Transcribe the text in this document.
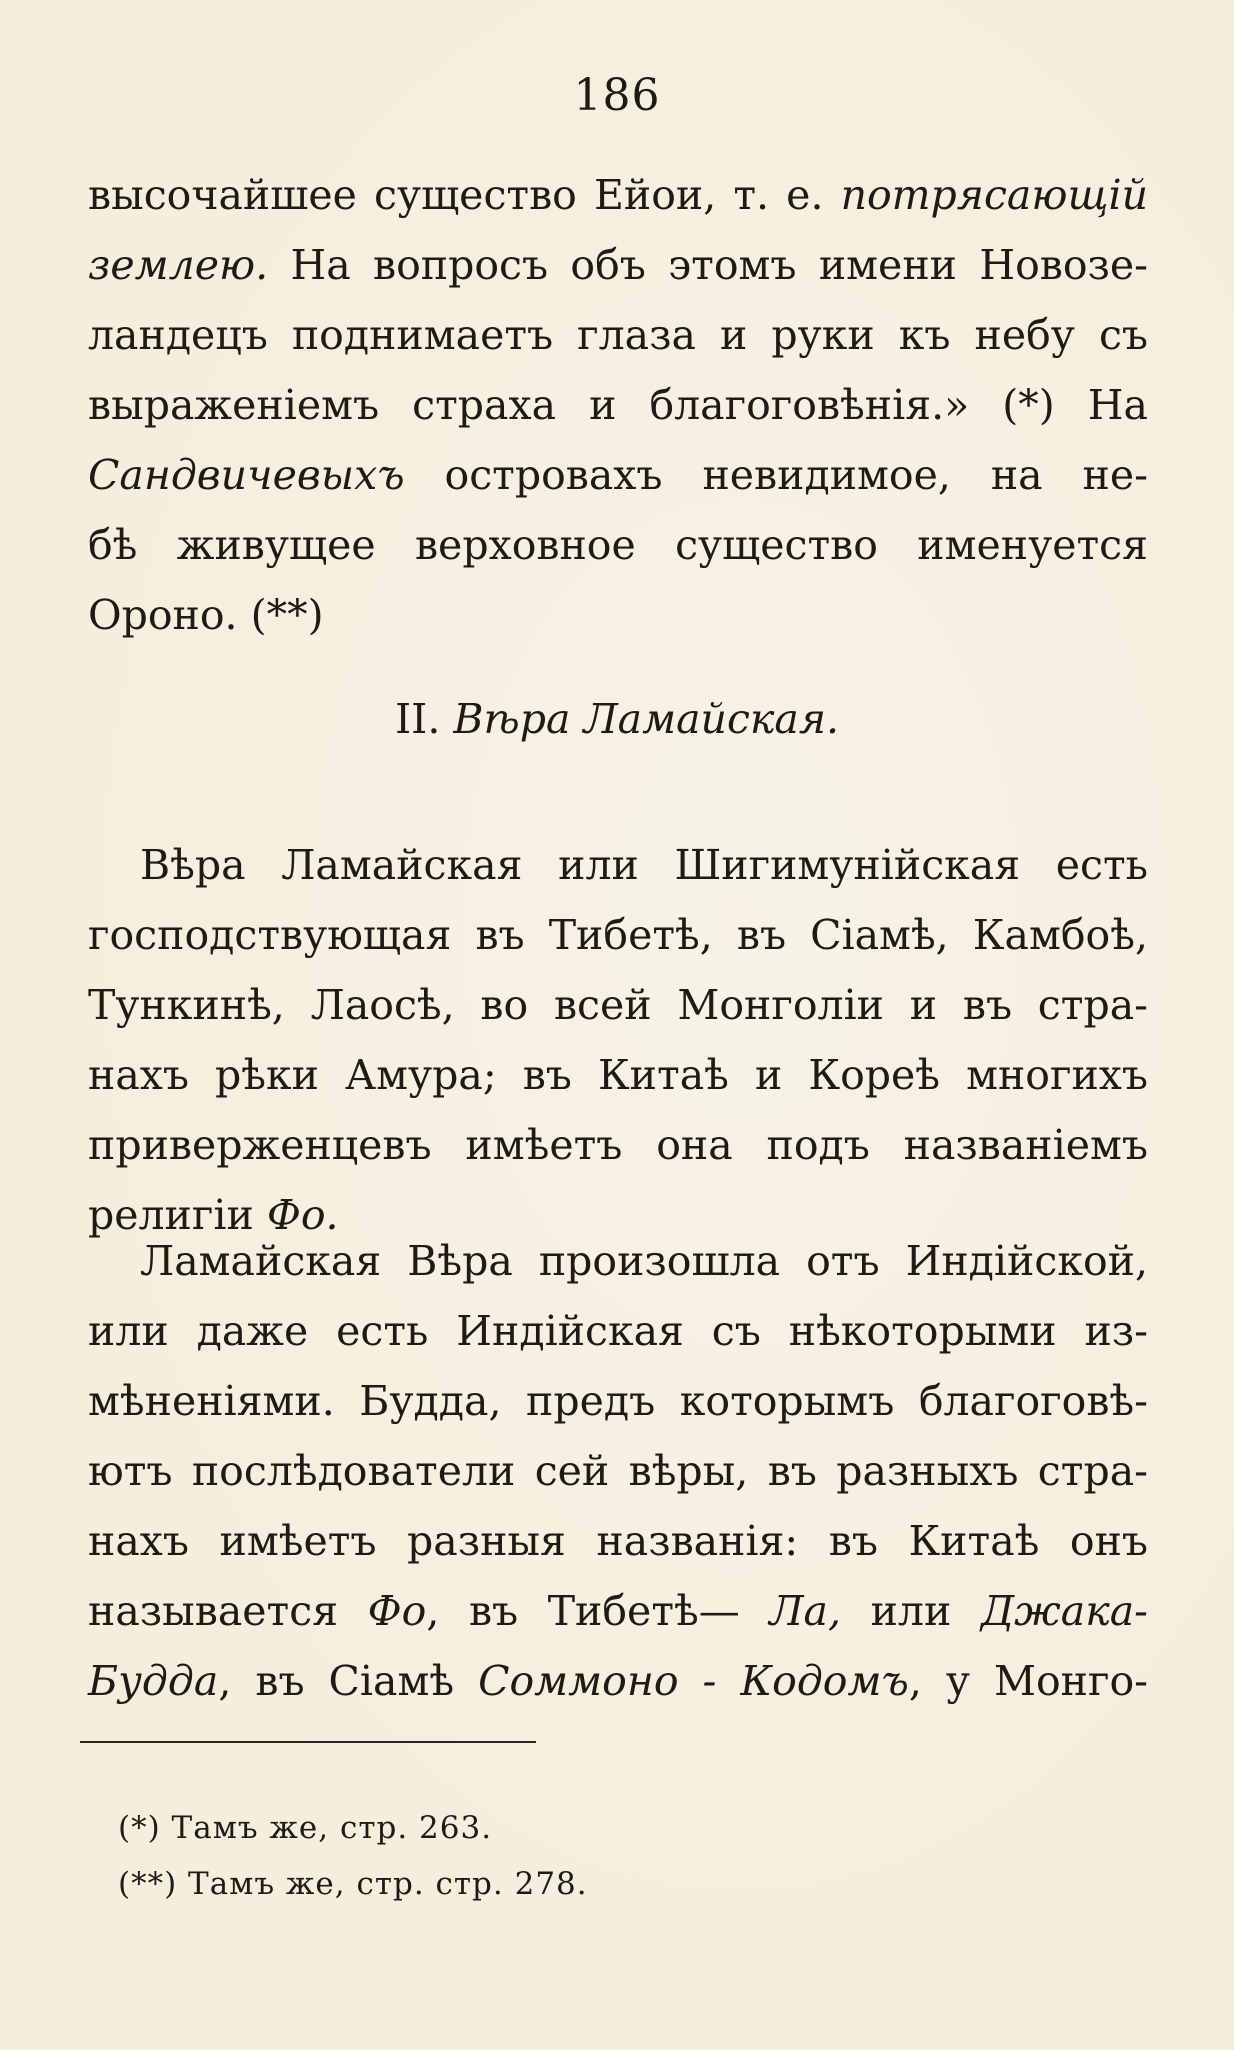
186
высочайшее существо Ейои, т. е. потрясающій
землею. На вопросъ объ этомъ имени Новозе-
ландецъ поднимаетъ глаза и руки къ небу съ
выраженіемъ страха и благоговѣнія.» (*) На
Сандвичевыхъ островахъ невидимое, на не-
бѣ живущее верховное существо именуется
Ороно. (**)
II. Вѣра Ламайская.
Вѣра Ламайская или Шигимунійская есть
господствующая въ Тибетѣ, въ Сіамѣ, Камбоѣ,
Тункинѣ, Лаосѣ, во всей Монголіи и въ стра-
нахъ рѣки Амура; въ Китаѣ и Кореѣ многихъ
приверженцевъ имѣетъ она подъ названіемъ
религіи Фо.
Ламайская Вѣра произошла отъ Индійской,
или даже есть Индійская съ нѣкоторыми из-
мѣненіями. Будда, предъ которымъ благоговѣ-
ютъ послѣдователи сей вѣры, въ разныхъ стра-
нахъ имѣетъ разныя названія: въ Китаѣ онъ
называется Фо, въ Тибетѣ— Ла, или Джака-
Будда, въ Сіамѣ Соммоно - Кодомъ, у Монго-
(*) Тамъ же, стр. 263.
(**) Тамъ же, стр. стр. 278.
